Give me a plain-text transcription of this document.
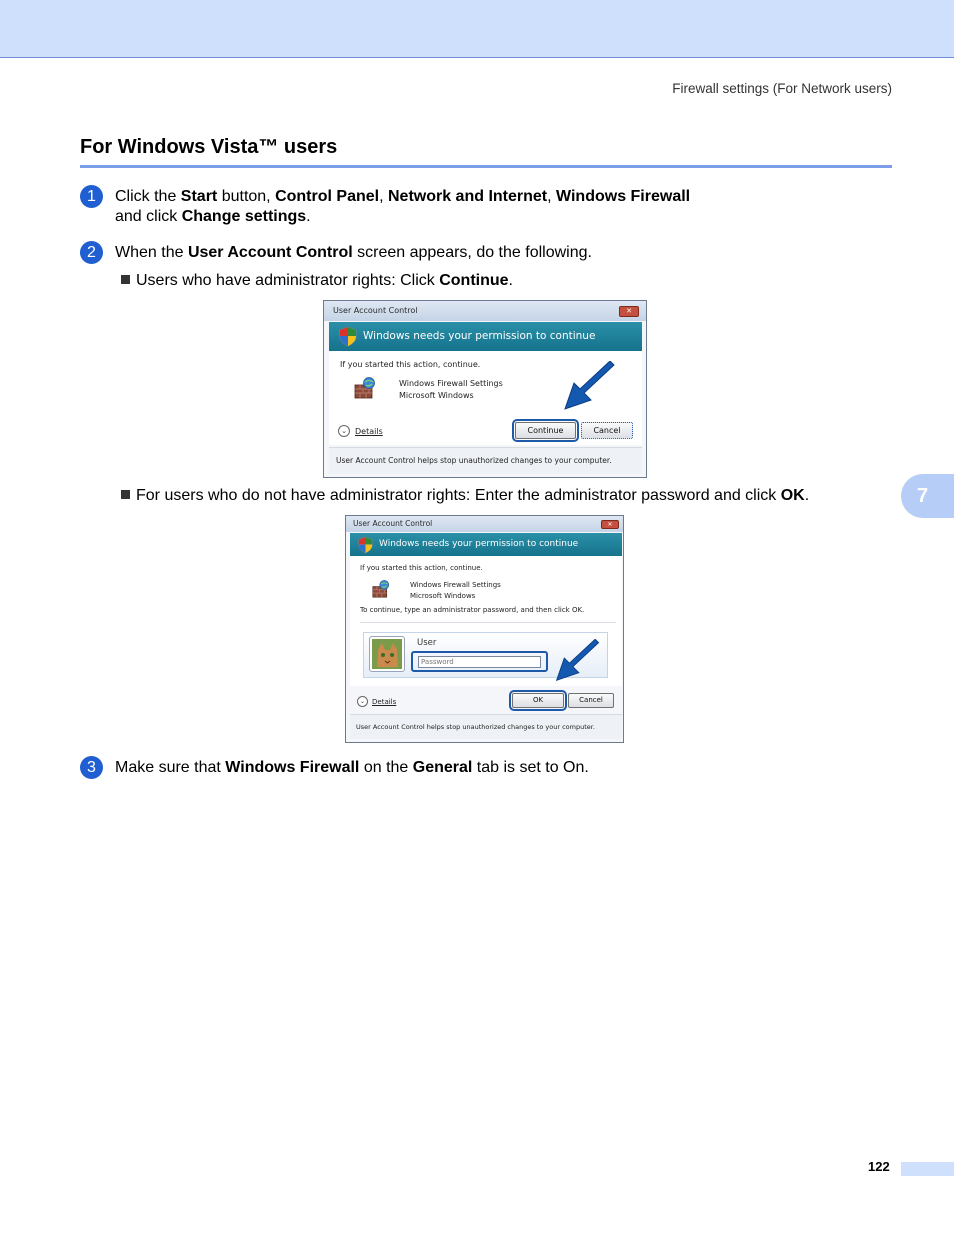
Firewall settings (For Network users)
For Windows Vista™ users
1	Click the Start button, Control Panel, Network and Internet, Windows Firewall
and click Change settings.
2	When the User Account Control screen appears, do the following.
Users who have administrator rights: Click Continue.
User Account Control	✕
Windows needs your permission to continue
If you started this action, continue.
Windows Firewall Settings
Microsoft Windows
⌄	Details	Continue	Cancel
User Account Control helps stop unauthorized changes to your computer.
For users who do not have administrator rights: Enter the administrator password and click OK.	7
User Account Control	✕
Windows needs your permission to continue
If you started this action, continue.
Windows Firewall Settings
Microsoft Windows
To continue, type an administrator password, and then click OK.
User
Password
⌄ Details	OK	Cancel
User Account Control helps stop unauthorized changes to your computer.
3	Make sure that Windows Firewall on the General tab is set to On.
122
